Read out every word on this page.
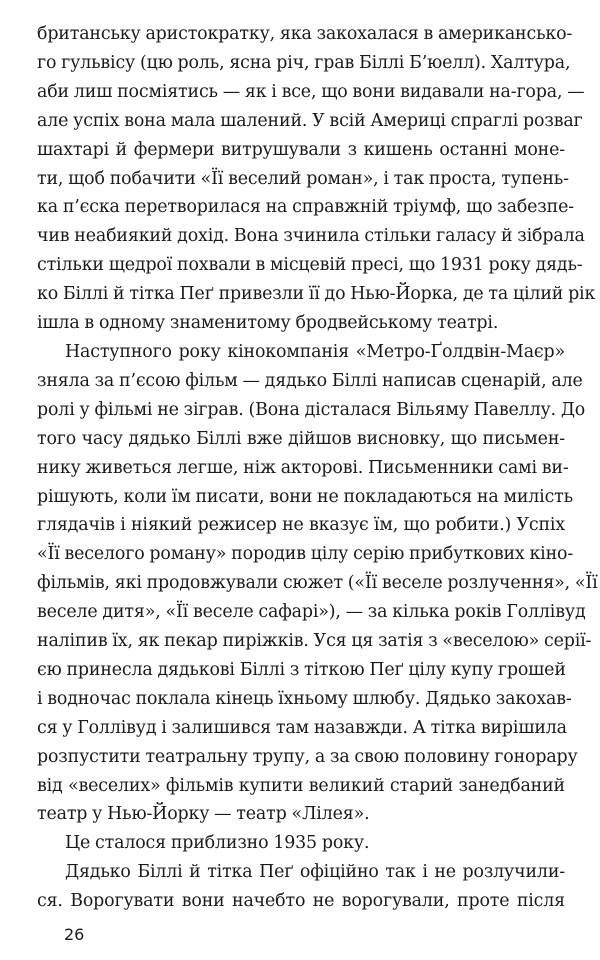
британську аристократку, яка закохалася в американсько-
го гульвісу (цю роль, ясна річ, грав Біллі Б’юелл). Халтура,
аби лиш посміятись — як і все, що вони видавали на-гора, —
але успіх вона мала шалений. У всій Америці спраглі розваг
шахтарі й фермери витрушували з кишень останні моне-
ти, щоб побачити «Її веселий роман», і так проста, тупень-
ка п’єска перетворилася на справжній тріумф, що забезпе-
чив неабиякий дохід. Вона зчинила стільки галасу й зібрала
стільки щедрої похвали в місцевій пресі, що 1931 року дядь-
ко Біллі й тітка Пеґ привезли її до Нью-Йорка, де та цілий рік
ішла в одному знаменитому бродвейському театрі.

Наступного року кінокомпанія «Метро-Ґолдвін-Маєр»
зняла за п’єсою фільм — дядько Біллі написав сценарій, але
ролі у фільмі не зіграв. (Вона дісталася Вільяму Павеллу. До
того часу дядько Біллі вже дійшов висновку, що письмен-
нику живеться легше, ніж акторові. Письменники самі ви-
рішують, коли їм писати, вони не покладаються на милість
глядачів і ніякий режисер не вказує їм, що робити.) Успіх
«Її веселого роману» породив цілу серію прибуткових кіно-
фільмів, які продовжували сюжет («Її веселе розлучення», «Її
веселе дитя», «Її веселе сафарі»), — за кілька років Голлівуд
наліпив їх, як пекар пиріжків. Уся ця затія з «веселою» серії-
єю принесла дядькові Біллі з тіткою Пеґ цілу купу грошей
і водночас поклала кінець їхньому шлюбу. Дядько закохав-
ся у Голлівуд і залишився там назавжди. А тітка вирішила
розпустити театральну трупу, а за свою половину гонорару
від «веселих» фільмів купити великий старий занедбаний
театр у Нью-Йорку — театр «Лілея».

Це сталося приблизно 1935 року.

Дядько Біллі й тітка Пеґ офіційно так і не розлучили-
ся. Ворогувати вони начебто не ворогували, проте після

26
